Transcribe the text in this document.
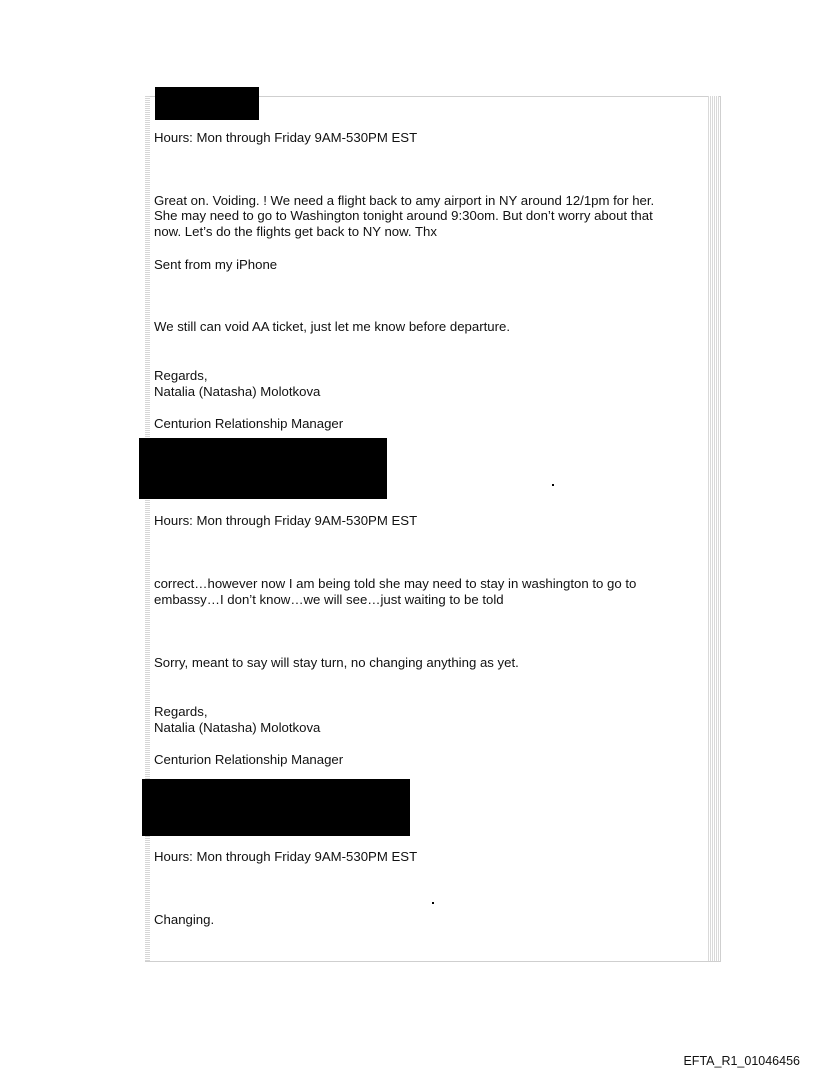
Hours: Mon through Friday 9AM-530PM EST

Great on. Voiding. ! We need a flight back to amy airport in NY around 12/1pm for her.

She may need to go to Washington tonight around 9:30om. But don’t worry about that

now. Let’s do the flights get back to NY now. Thx

Sent from my iPhone

We still can void AA ticket, just let me know before departure.

Regards,

Natalia (Natasha) Molotkova

Centurion Relationship Manager

Hours: Mon through Friday 9AM-530PM EST

correct…however now I am being told she may need to stay in washington to go to

embassy…I don’t know…we will see…just waiting to be told

Sorry, meant to say will stay turn, no changing anything as yet.

Regards,

Natalia (Natasha) Molotkova

Centurion Relationship Manager

Hours: Mon through Friday 9AM-530PM EST

Changing.

EFTA_R1_01046456
